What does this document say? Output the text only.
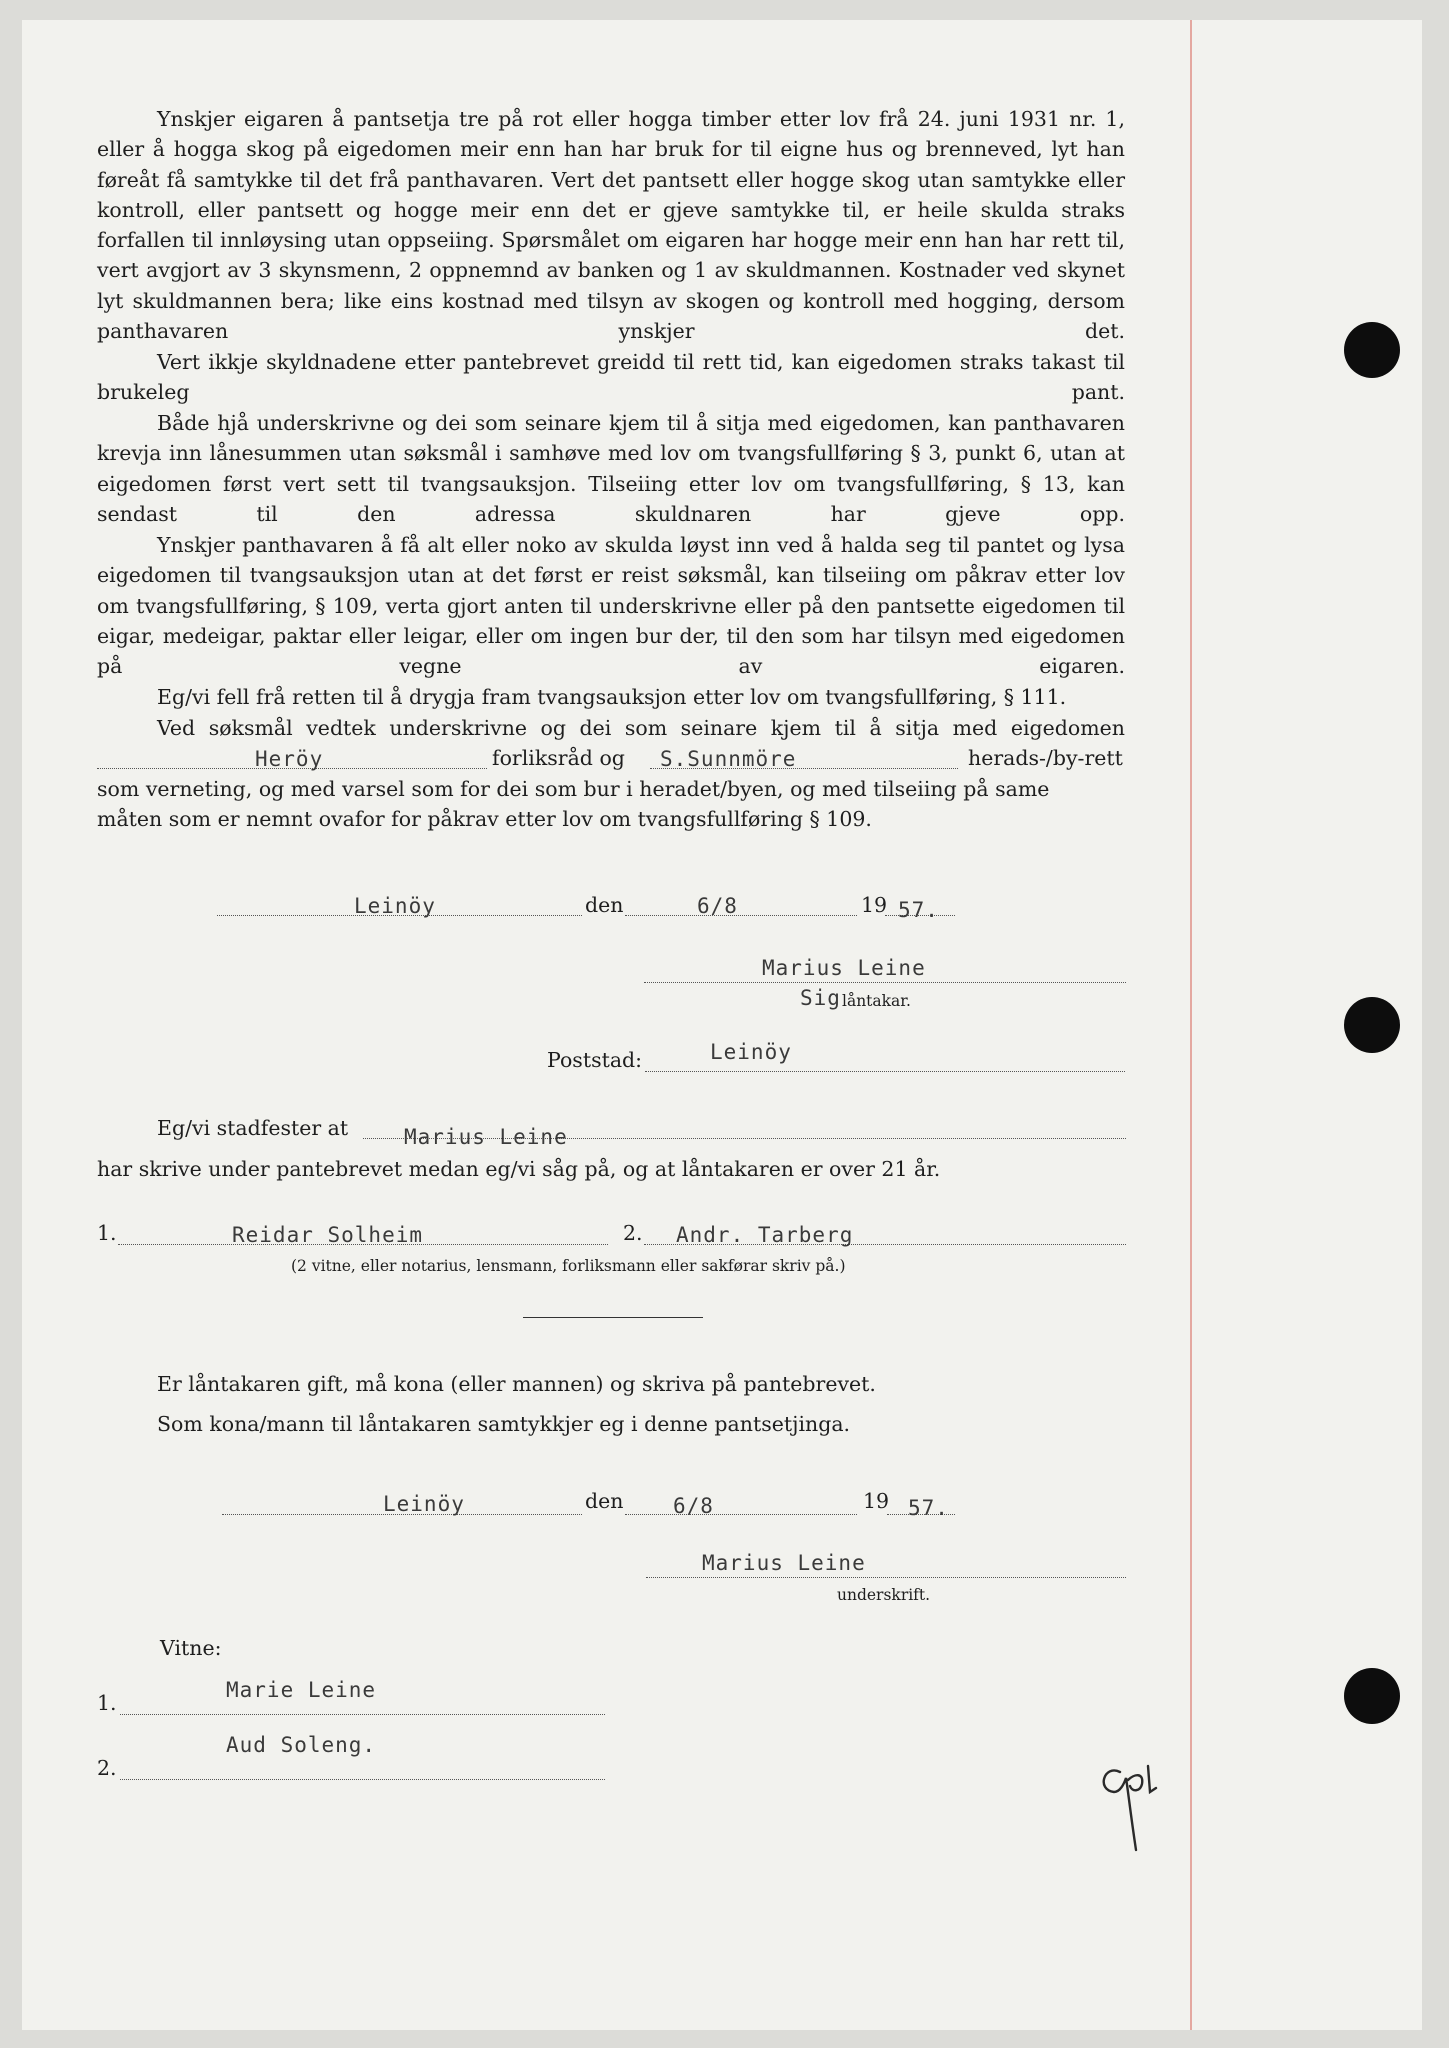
Ynskjer eigaren å pantsetja tre på rot eller hogga timber etter lov frå 24. juni 1931 nr. 1, eller å hogga skog på eigedomen meir enn han har bruk for til eigne hus og brenneved, lyt han føreåt få samtykke til det frå panthavaren. Vert det pantsett eller hogge skog utan samtykke eller kontroll, eller pantsett og hogge meir enn det er gjeve samtykke til, er heile skulda straks forfallen til innløysing utan oppseiing. Spørsmålet om eigaren har hogge meir enn han har rett til, vert avgjort av 3 skynsmenn, 2 oppnemnd av banken og 1 av skuldmannen. Kostnader ved skynet lyt skuldmannen bera; like eins kostnad med tilsyn av skogen og kontroll med hogging, dersom panthavaren ynskjer det.

Vert ikkje skyldnadene etter pantebrevet greidd til rett tid, kan eigedomen straks takast til brukeleg pant.

Både hjå underskrivne og dei som seinare kjem til å sitja med eigedomen, kan panthavaren krevja inn lånesummen utan søksmål i samhøve med lov om tvangsfullføring § 3, punkt 6, utan at eigedomen først vert sett til tvangsauksjon. Tilseiing etter lov om tvangsfullføring, § 13, kan sendast til den adressa skuldnaren har gjeve opp.

Ynskjer panthavaren å få alt eller noko av skulda løyst inn ved å halda seg til pantet og lysa eigedomen til tvangsauksjon utan at det først er reist søksmål, kan tilseiing om påkrav etter lov om tvangsfullføring, § 109, verta gjort anten til underskrivne eller på den pantsette eigedomen til eigar, medeigar, paktar eller leigar, eller om ingen bur der, til den som har tilsyn med eigedomen på vegne av eigaren.

Eg/vi fell frå retten til å drygja fram tvangsauksjon etter lov om tvangsfullføring, § 111.
Ved søksmål vedtek underskrivne og dei som seinare kjem til å sitja med eigedomen
Heröy	forliksråd og S.Sunnmöre	herads-/by-rett
som verneting, og med varsel som for dei som bur i heradet/byen, og med tilseiing på same
måten som er nemnt ovafor for påkrav etter lov om tvangsfullføring § 109.
Leinöy	den	6/8	19 57.
Marius Leine
Sig låntakar.
Poststad:	Leinöy
Eg/vi stadfester at	Marius Leine
har skrive under pantebrevet medan eg/vi såg på, og at låntakaren er over 21 år.
1.	Reidar Solheim	2. Andr. Tarberg
(2 vitne, eller notarius, lensmann, forliksmann eller sakførar skriv på.)
Er låntakaren gift, må kona (eller mannen) og skriva på pantebrevet.
Som kona/mann til låntakaren samtykkjer eg i denne pantsetjinga.
Leinöy	den 6/8	19 57.
Marius Leine
underskrift.
Vitne:
1.
Marie Leine
2.
Aud Soleng.
